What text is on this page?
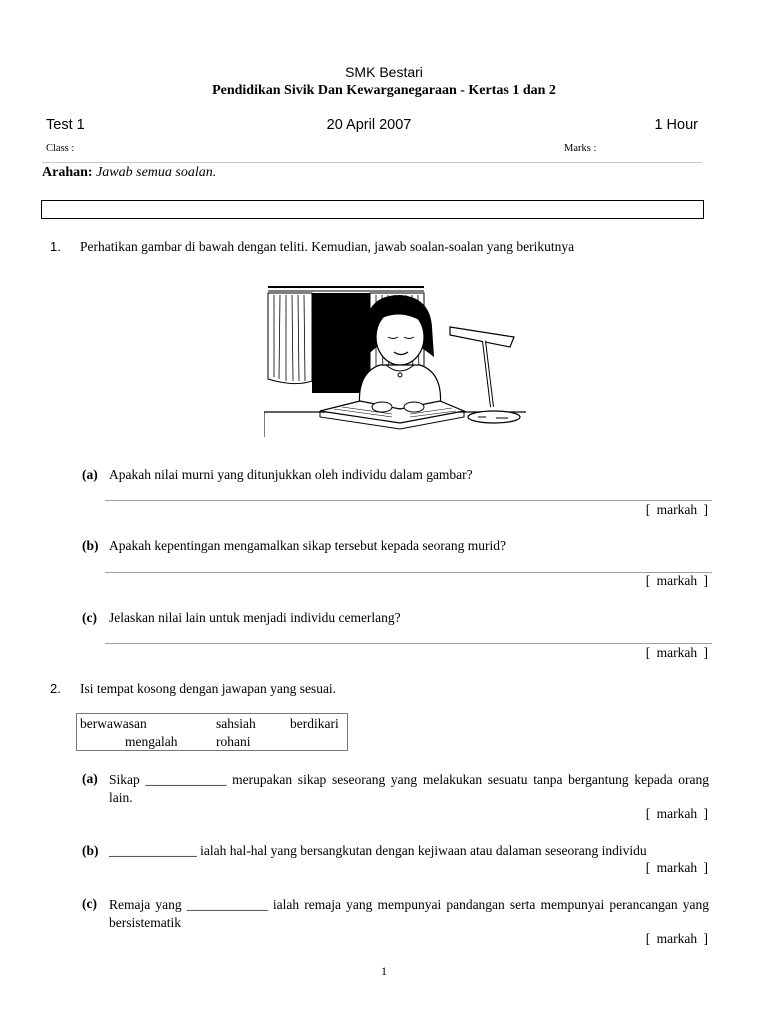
SMK Bestari
Pendidikan Sivik Dan Kewarganegaraan - Kertas 1 dan 2
Test 1	20 April 2007	1 Hour
Class :	Marks :
Arahan: Jawab semua soalan.
1. Perhatikan gambar di bawah dengan teliti. Kemudian, jawab soalan-soalan yang berikutnya
(a) Apakah nilai murni yang ditunjukkan oleh individu dalam gambar?
[ markah ]
(b) Apakah kepentingan mengamalkan sikap tersebut kepada seorang murid?
[ markah ]
(c) Jelaskan nilai lain untuk menjadi individu cemerlang?
[ markah ]
2. Isi tempat kosong dengan jawapan yang sesuai.
berwawasan	sahsiah	berdikari
mengalah	rohani
(a) Sikap ____________ merupakan sikap seseorang yang melakukan sesuatu tanpa bergantung kepada orang lain.
[ markah ]
(b) _____________ ialah hal-hal yang bersangkutan dengan kejiwaan atau dalaman seseorang individu
[ markah ]
(c) Remaja yang ____________ ialah remaja yang mempunyai pandangan serta mempunyai perancangan yang bersistematik
[ markah ]
1
